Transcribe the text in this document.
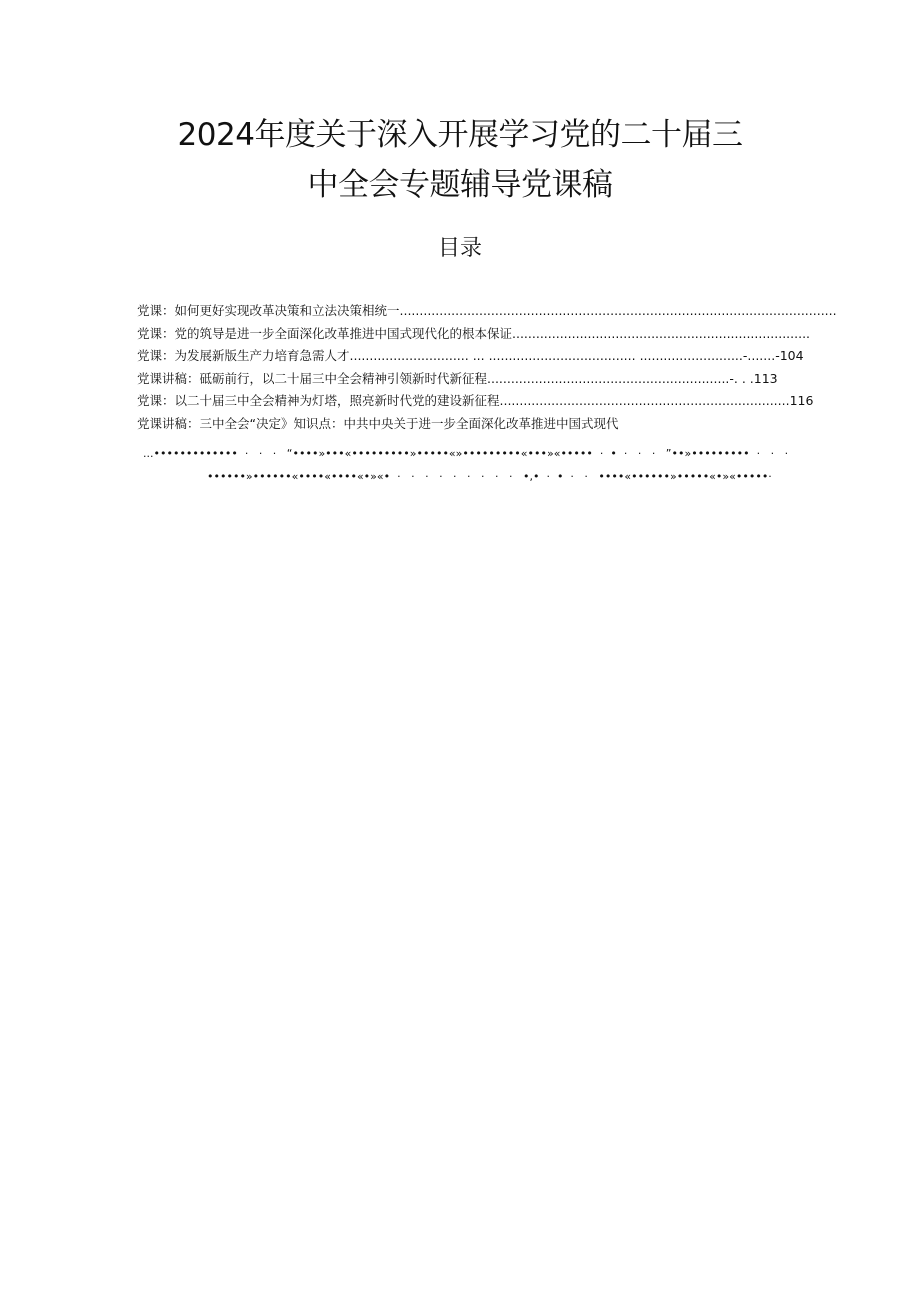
2024年度关于深入开展学习党的二十届三
中全会专题辅导党课稿
目录
党课：如何更好实现改革决策和立法决策相统一..............................................................................................................
党课：党的筑导是进一步全面深化改革推进中国式现代化的根本保证...........................................................................
党课：为发展新版生产力培育急需人才.............................. ... ..................................... ..........................-.......-104
党课讲稿：砥砺前行，以二十届三中全会精神引领新时代新征程.............................................................-. . .113
党课：以二十届三中全会精神为灯塔，照亮新时代党的建设新征程.........................................................................116
党课讲稿：三中全会“决定》知识点：中共中央关于进一步全面深化改革推进中国式现代
...•••••••••••••  ·   ·   ·   “••••»•••«•••••••••»•••••«»•••••••••«•••»«•••••  ·  •  ·   ·   ·   ”••»•••••••••  ·   ·   ·
••••••»••••••«••••«••••«•»«•  ·   ·   ·   ·   ·   ·   ·   ·   ·   •,•  ·  •  ·   ·   ••••«••••••»•••••«•»«•••••·
